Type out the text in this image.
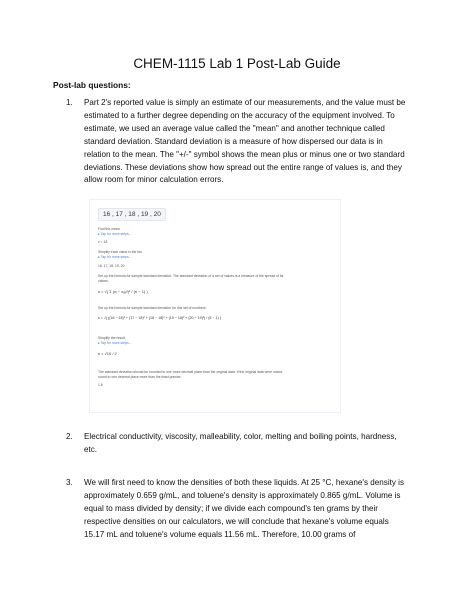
CHEM-1115 Lab 1 Post-Lab Guide
Post-lab questions:
1. Part 2's reported value is simply an estimate of our measurements, and the value must be estimated to a further degree depending on the accuracy of the equipment involved. To estimate, we used an average value called the "mean" and another technique called standard deviation. Standard deviation is a measure of how dispersed our data is in relation to the mean. The "+/-" symbol shows the mean plus or minus one or two standard deviations. These deviations show how spread out the entire range of values is, and they allow room for minor calculation errors.
16 , 17 , 18 , 19 , 20
Find the mean.
▸ Tap for more steps...
x = 18
Simplify each value in the list.
▸ Tap for more steps...
16, 17, 18, 19, 20
Set up the formula for sample standard deviation. The standard deviation of a set of values is a measure of the spread of its
values.
s = √( Σ (xᵢ − xₐᵥᵍ)² / (n − 1) )
Set up the formula for sample standard deviation for this set of numbers.
s = √( ((16 − 18)² + (17 − 18)² + (18 − 18)² + (19 − 18)² + (20 − 19)²) / (5 − 1) )
Simplify the result.
▸ Tap for more steps...
s = √10 / 2
The standard deviation should be rounded to one more decimal place than the original data. If the original data were mixed,
round to one decimal place more than the least precise.
1.6
2. Electrical conductivity, viscosity, malleability, color, melting and boiling points, hardness, etc.
3. We will first need to know the densities of both these liquids. At 25 °C, hexane's density is approximately 0.659 g/mL, and toluene's density is approximately 0.865 g/mL. Volume is equal to mass divided by density; if we divide each compound's ten grams by their respective densities on our calculators, we will conclude that hexane's volume equals 15.17 mL and toluene's volume equals 11.56 mL. Therefore, 10.00 grams of
